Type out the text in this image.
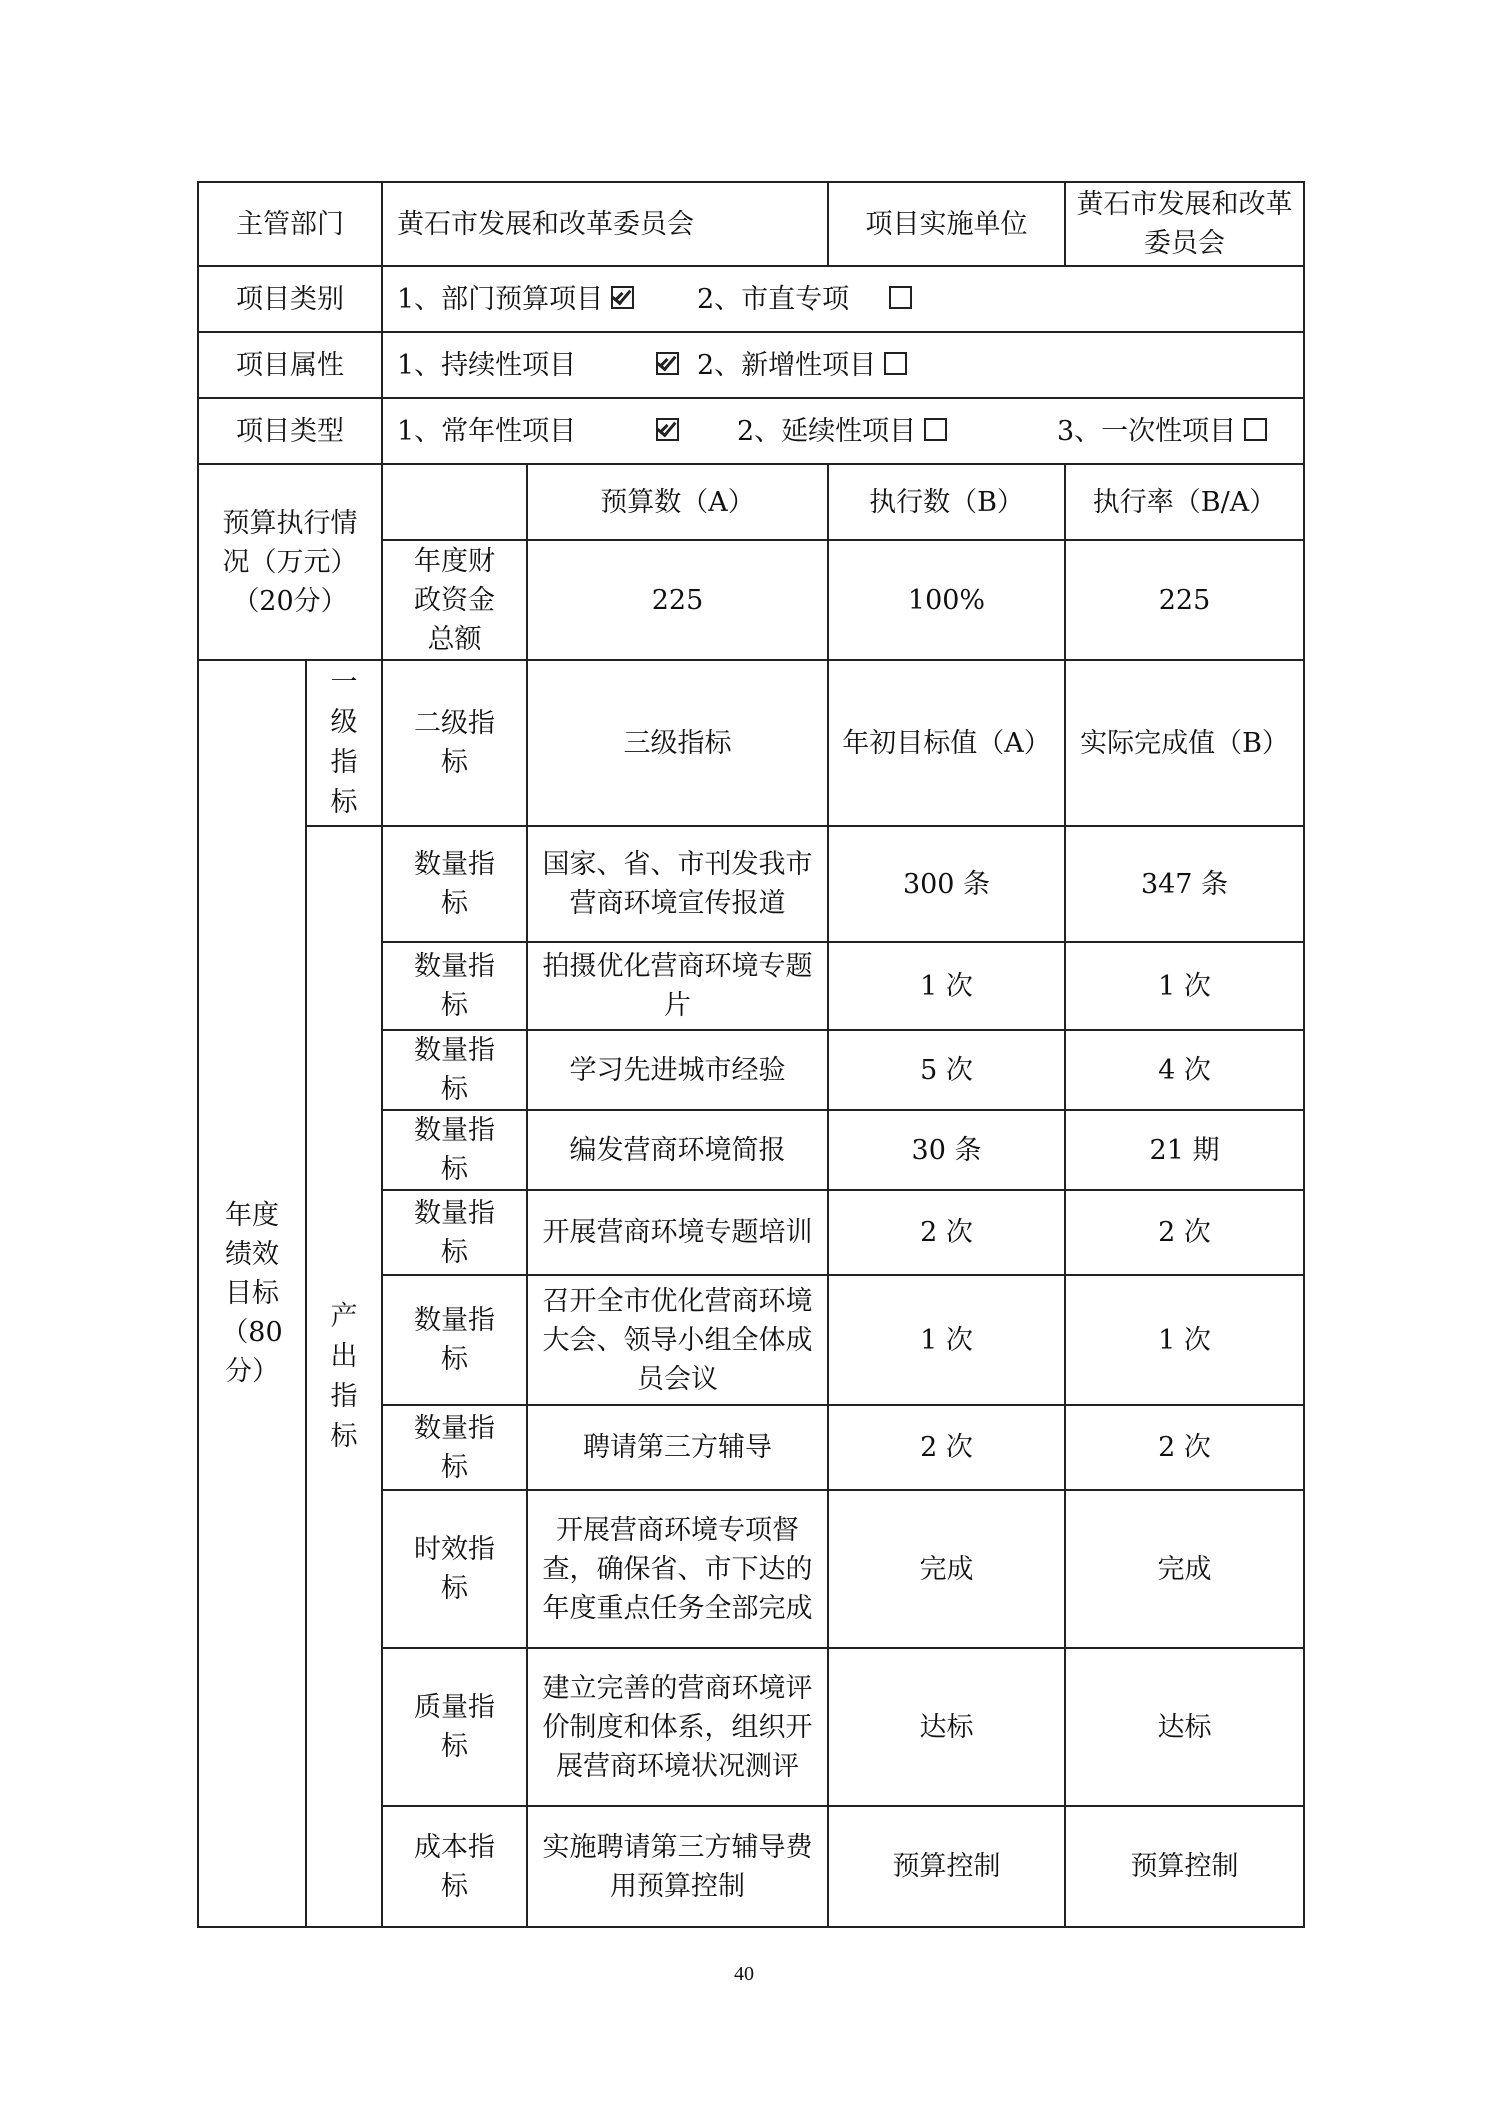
主管部门		黄石市发展和改革委员会		项目实施单位	黄石市发展和改革委员会
项目类别		1、部门预算项目 2、市直专项			
项目属性		1、持续性项目 2、新增性项目			
项目类型		1、常年性项目 2、延续性项目 3、一次性项目			
预算执行情况（万元）（20分）			预算数（A）	执行数（B）	执行率（B/A）
		年度财政资金总额	225	100%	225
年度绩效目标（80分）	一级指标	二级指标	三级指标	年初目标值（A）	实际完成值（B）

	产出指标	数量指标	国家、省、市刊发我市营商环境宣传报道	300 条	347 条
		数量指标	拍摄优化营商环境专题片	1 次	1 次
		数量指标	学习先进城市经验	5 次	4 次
		数量指标	编发营商环境简报	30 条	21 期
		数量指标	开展营商环境专题培训	2 次	2 次
		数量指标	召开全市优化营商环境大会、领导小组全体成员会议	1 次	1 次
		数量指标	聘请第三方辅导	2 次	2 次
		时效指标	开展营商环境专项督查，确保省、市下达的年度重点任务全部完成	完成	完成
		质量指标	建立完善的营商环境评价制度和体系，组织开展营商环境状况测评	达标	达标
		成本指标	实施聘请第三方辅导费用预算控制	预算控制	预算控制
40
